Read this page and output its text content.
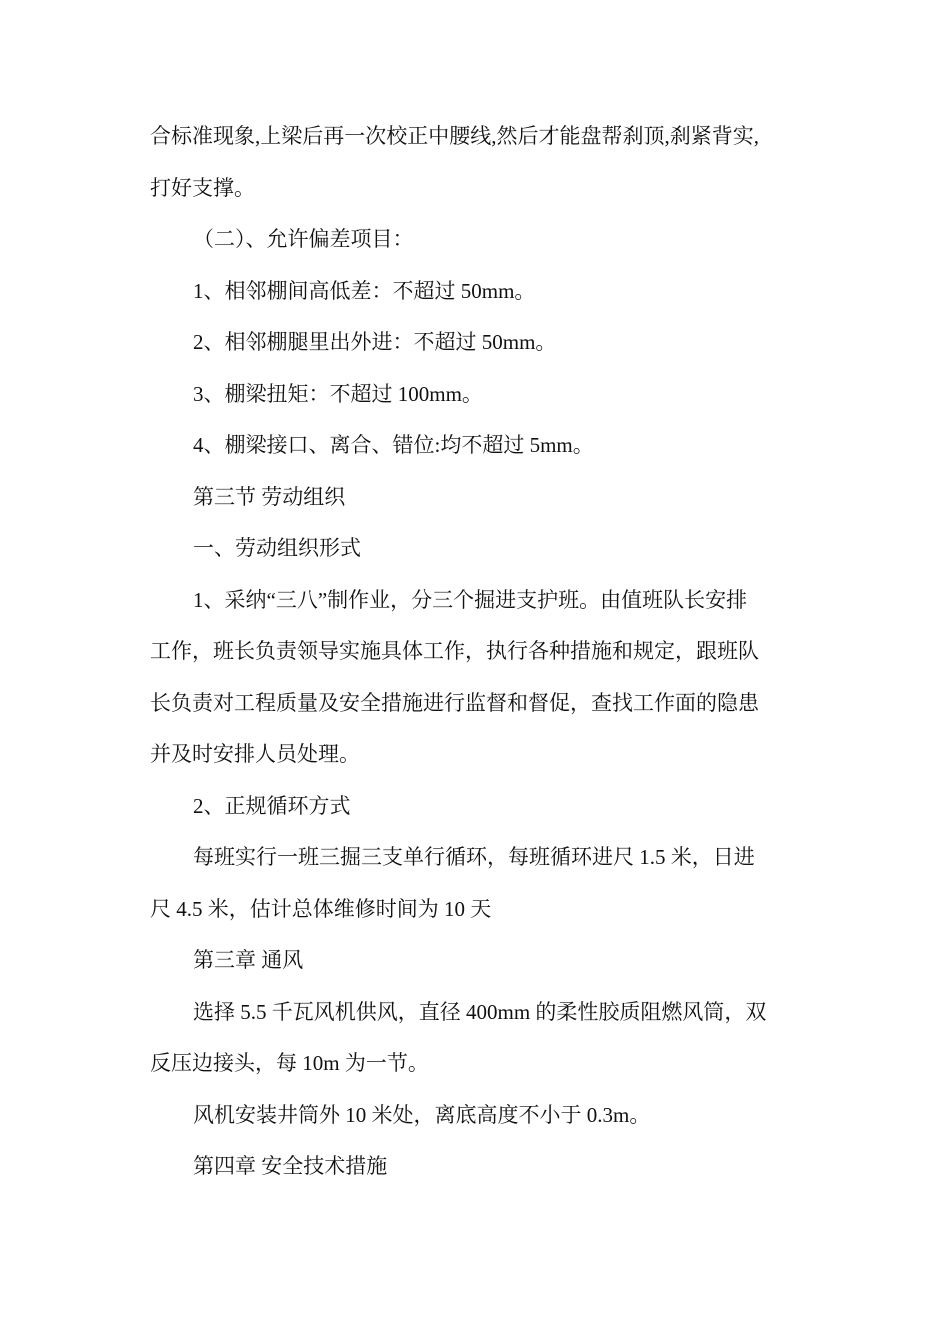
合标准现象,上梁后再一次校正中腰线,然后才能盘帮刹顶,刹紧背实,
打好支撑。

（二）、允许偏差项目：

1、相邻棚间高低差：不超过 50mm。

2、相邻棚腿里出外进：不超过 50mm。

3、棚梁扭矩：不超过 100mm。

4、棚梁接口、离合、错位:均不超过 5mm。

第三节 劳动组织

一、劳动组织形式

1、采纳“三八”制作业，分三个掘进支护班。由值班队长安排
工作，班长负责领导实施具体工作，执行各种措施和规定，跟班队
长负责对工程质量及安全措施进行监督和督促，查找工作面的隐患
并及时安排人员处理。

2、正规循环方式

每班实行一班三掘三支单行循环，每班循环进尺 1.5 米，日进
尺 4.5 米，估计总体维修时间为 10 天

第三章 通风

选择 5.5 千瓦风机供风，直径 400mm 的柔性胶质阻燃风筒，双
反压边接头，每 10m 为一节。

风机安装井筒外 10 米处，离底高度不小于 0.3m。

第四章 安全技术措施
